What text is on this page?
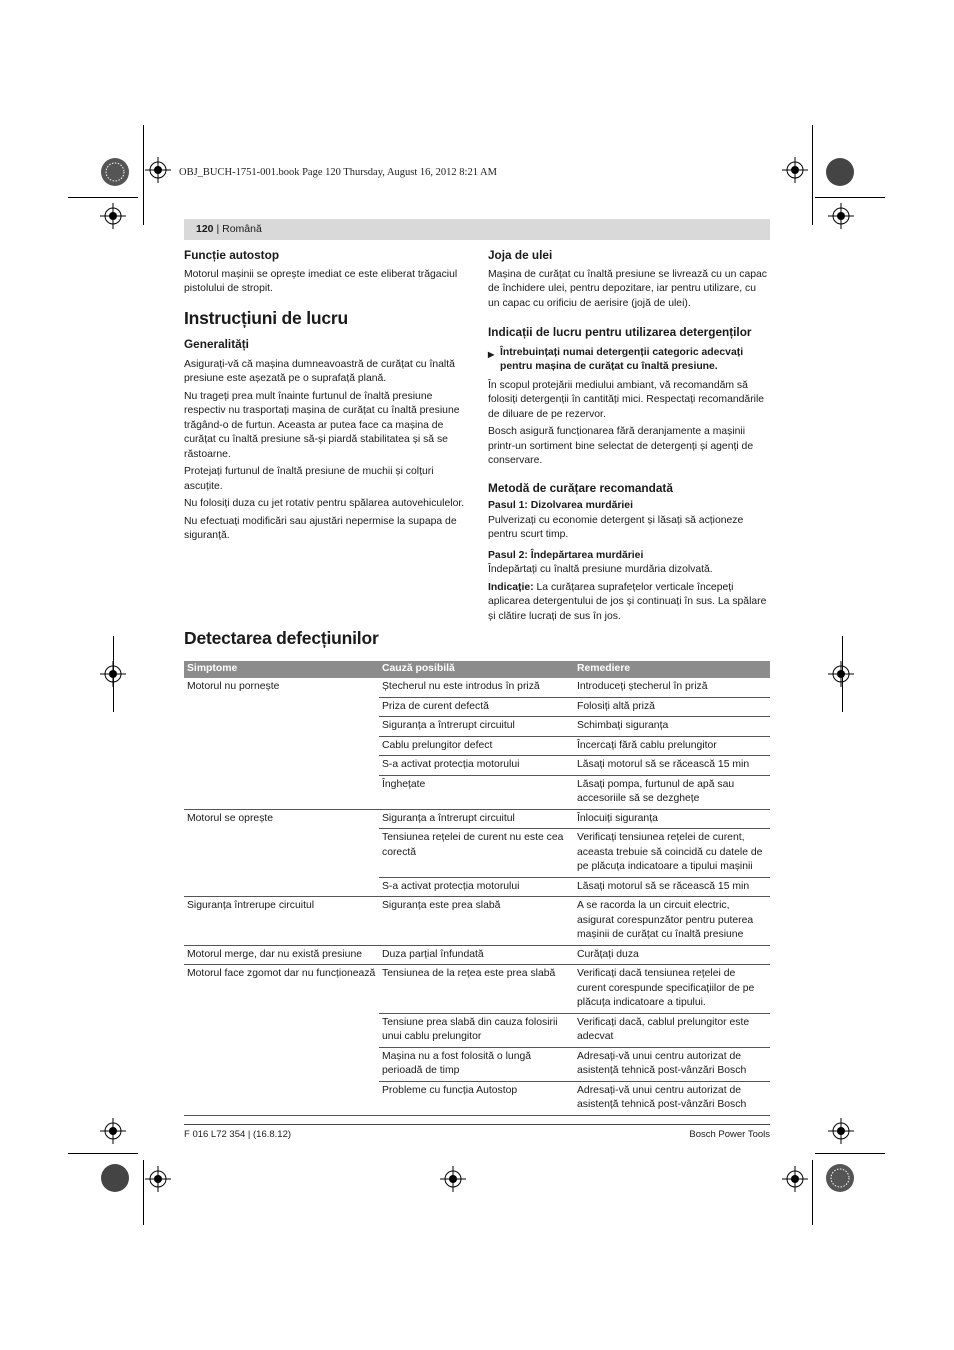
OBJ_BUCH-1751-001.book Page 120 Thursday, August 16, 2012 8:21 AM
120 | Română
Funcție autostop

Motorul mașinii se oprește imediat ce este eliberat trăgaciul pistolului de stropit.

Instrucțiuni de lucru
Generalități

Asigurați-vă că mașina dumneavoastră de curățat cu înaltă presiune este așezată pe o suprafață plană.

Nu trageți prea mult înainte furtunul de înaltă presiune respectiv nu trasportați mașina de curățat cu înaltă presiune trăgând-o de furtun. Aceasta ar putea face ca mașina de curățat cu înaltă presiune să-și piardă stabilitatea și să se răstoarne.

Protejați furtunul de înaltă presiune de muchii și colțuri ascuțite.

Nu folosiți duza cu jet rotativ pentru spălarea autovehiculelor.

Nu efectuați modificări sau ajustări nepermise la supapa de siguranță.

Joja de ulei

Mașina de curățat cu înaltă presiune se livrează cu un capac de închidere ulei, pentru depozitare, iar pentru utilizare, cu un capac cu orificiu de aerisire (jojă de ulei).

Indicații de lucru pentru utilizarea detergenților
▶ Întrebuințați numai detergenții categoric adecvați pentru mașina de curățat cu înaltă presiune.

În scopul protejării mediului ambiant, vă recomandăm să folosiți detergenții în cantități mici. Respectați recomandările de diluare de pe rezervor.

Bosch asigură funcționarea fără deranjamente a mașinii printr-un sortiment bine selectat de detergenți și agenți de conservare.

Metodă de curățare recomandată
Pasul 1: Dizolvarea murdăriei

Pulverizați cu economie detergent și lăsați să acționeze pentru scurt timp.

Pasul 2: Îndepărtarea murdăriei

Îndepărtați cu înaltă presiune murdăria dizolvată.

Indicație: La curățarea suprafețelor verticale începeți aplicarea detergentului de jos și continuați în sus. La spălare și clătire lucrați de sus în jos.

Detectarea defecțiunilor
Simptome	Cauză posibilă	Remediere
Motorul nu pornește	Ștecherul nu este introdus în priză	Introduceți ștecherul în priză
	Priza de curent defectă	Folosiți altă priză
	Siguranța a întrerupt circuitul	Schimbați siguranța
	Cablu prelungitor defect	Încercați fără cablu prelungitor
	S-a activat protecția motorului	Lăsați motorul să se răcească 15 min
	Înghețate	Lăsați pompa, furtunul de apă sau accesoriile să se dezghețe
Motorul se oprește	Siguranța a întrerupt circuitul	Înlocuiți siguranța
	Tensiunea rețelei de curent nu este cea corectă	Verificați tensiunea rețelei de curent, aceasta trebuie să coincidă cu datele de pe plăcuța indicatoare a tipului mașinii
	S-a activat protecția motorului	Lăsați motorul să se răcească 15 min
Siguranța întrerupe circuitul	Siguranța este prea slabă	A se racorda la un circuit electric, asigurat corespunzător pentru puterea mașinii de curățat cu înaltă presiune
Motorul merge, dar nu există presiune	Duza parțial înfundată	Curățați duza
Motorul face zgomot dar nu funcționează	Tensiunea de la rețea este prea slabă	Verificați dacă tensiunea rețelei de curent corespunde specificațiilor de pe plăcuța indicatoare a tipului.
	Tensiune prea slabă din cauza folosirii unui cablu prelungitor	Verificați dacă, cablul prelungitor este adecvat
	Mașina nu a fost folosită o lungă perioadă de timp	Adresați-vă unui centru autorizat de asistență tehnică post-vânzări Bosch
	Probleme cu funcția Autostop	Adresați-vă unui centru autorizat de asistență tehnică post-vânzări Bosch
F 016 L72 354 | (16.8.12)	Bosch Power Tools
